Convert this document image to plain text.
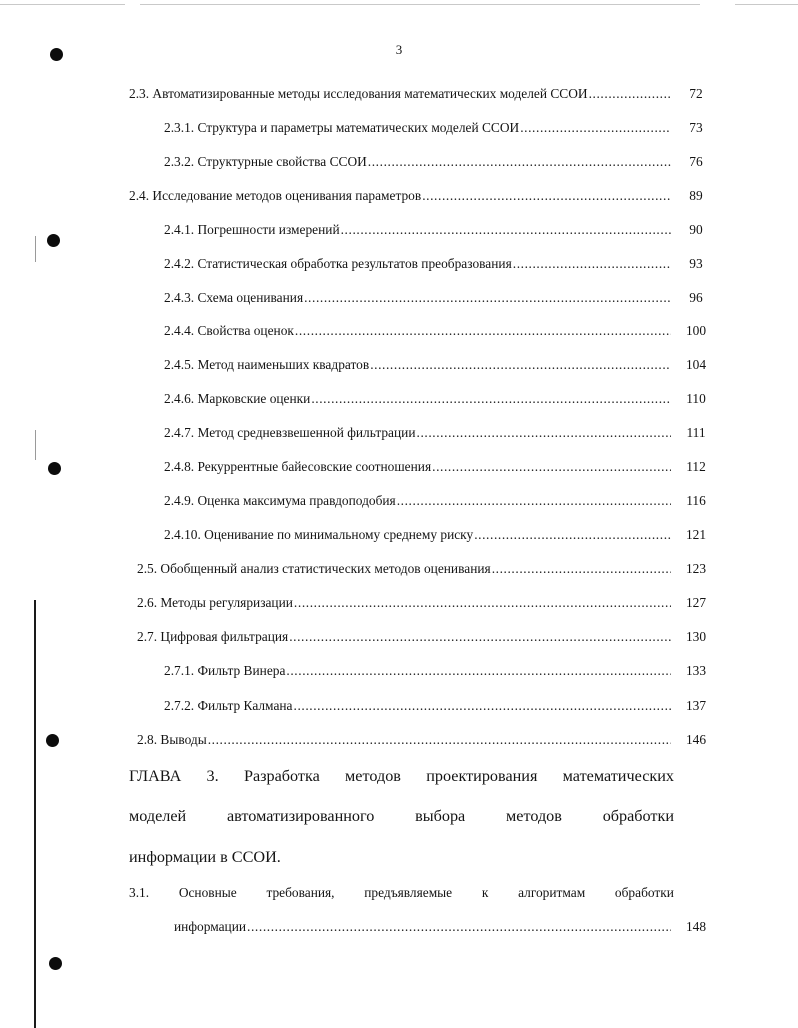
3
2.3. Автоматизированные методы исследования математических моделей ССОИ .....	72
2.3.1. Структура и параметры математических моделей ССОИ .....	73
2.3.2. Структурные свойства ССОИ .....	76
2.4. Исследование методов оценивания параметров .....	89
2.4.1. Погрешности измерений .....	90
2.4.2. Статистическая обработка результатов преобразования .....	93
2.4.3. Схема оценивания .....	96
2.4.4. Свойства оценок .....	100
2.4.5. Метод наименьших квадратов .....	104
2.4.6. Марковские оценки .....	110
2.4.7. Метод средневзвешенной фильтрации .....	111
2.4.8. Рекуррентные байесовские соотношения .....	112
2.4.9. Оценка максимума правдоподобия .....	116
2.4.10. Оценивание по минимальному среднему риску .....	121
2.5. Обобщенный анализ статистических методов оценивания .....	123
2.6. Методы регуляризации .....	127
2.7. Цифровая фильтрация .....	130
2.7.1. Фильтр Винера .....	133
2.7.2. Фильтр Калмана .....	137
2.8. Выводы .....	146
ГЛАВА 3. Разработка методов проектирования математических
моделей	автоматизированного	выбора	методов	обработки
информации в ССОИ.
3.1. Основные требования, предъявляемые к алгоритмам обработки
информации .....	148
